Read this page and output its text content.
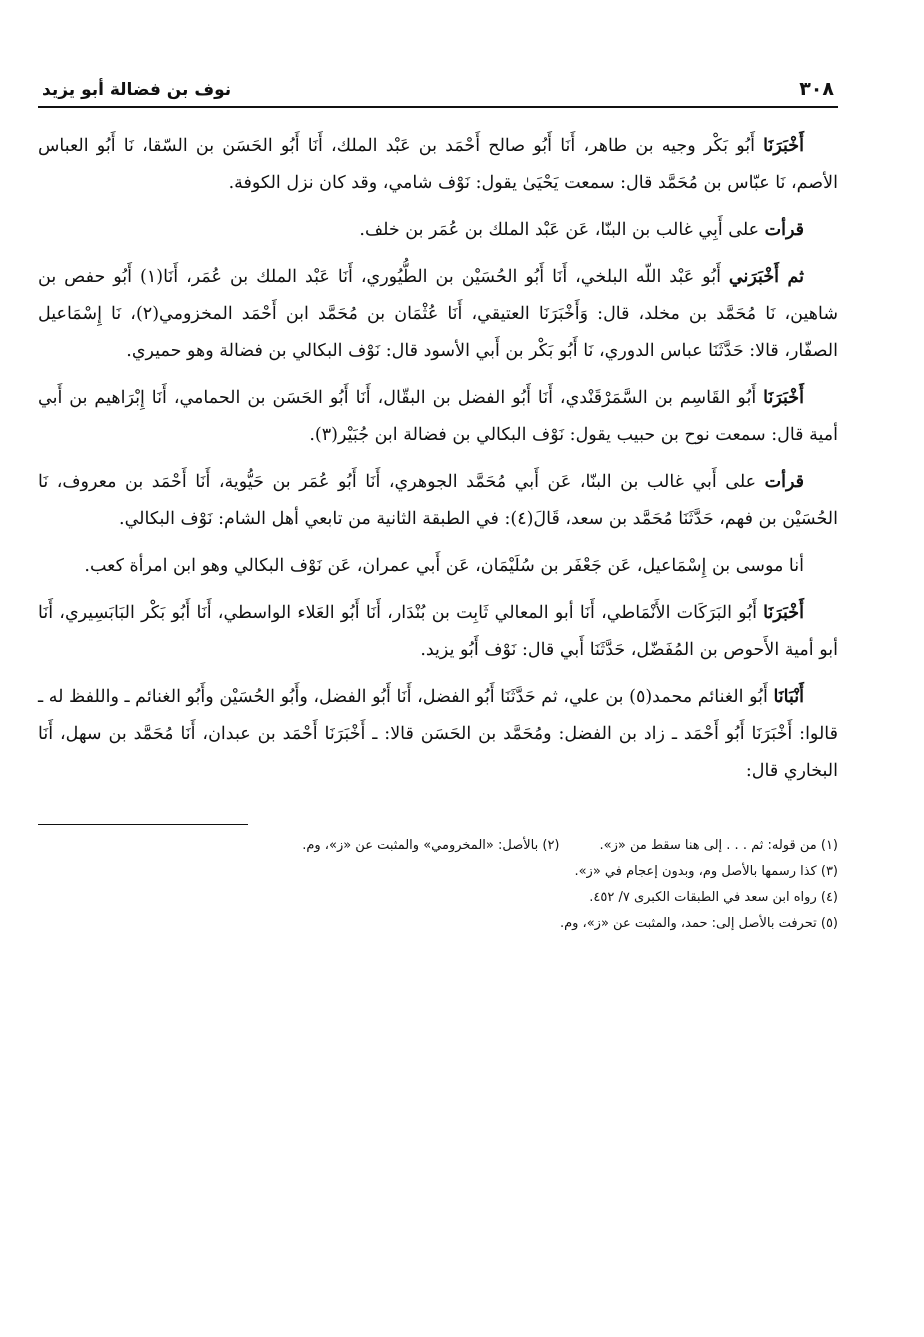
٣٠٨
نوف بن فضالة أبو يزيد

أَخْبَرَنَا أَبُو بَكْر وجيه بن طاهر، أَنَا أَبُو صالح أَحْمَد بن عَبْد الملك، أَنَا أَبُو الحَسَن بن السّقا، نَا أَبُو العباس الأصم، نَا عبّاس بن مُحَمَّد قال: سمعت يَحْيَىٰ يقول: نَوْف شامي، وقد كان نزل الكوفة.

قرأت على أَبِي غالب بن البنّا، عَن عَبْد الملك بن عُمَر بن خلف.

ثم أَخْبَرَني أَبُو عَبْد اللّه البلخي، أَنَا أَبُو الحُسَيْن بن الطُّيُوري، أَنَا عَبْد الملك بن عُمَر، أَنَا(١) أَبُو حفص بن شاهين، نَا مُحَمَّد بن مخلد، قال: وَأَخْبَرَنَا العتيقي، أَنَا عُثْمَان بن مُحَمَّد ابن أَحْمَد المخزومي(٢)، نَا إِسْمَاعيل الصفّار، قالا: حَدَّثَنَا عباس الدوري، نَا أَبُو بَكْر بن أَبي الأسود قال: نَوْف البكالي بن فضالة وهو حميري.

أَخْبَرَنَا أَبُو القَاسِم بن السَّمَرْقَنْدي، أَنَا أَبُو الفضل بن البقّال، أَنَا أَبُو الحَسَن بن الحمامي، أَنَا إِبْرَاهيم بن أَبي أمية قال: سمعت نوح بن حبيب يقول: نَوْف البكالي بن فضالة ابن جُبَيْر(٣).

قرأت على أَبي غالب بن البنّا، عَن أَبي مُحَمَّد الجوهري، أَنَا أَبُو عُمَر بن حَيُّوية، أَنَا أَحْمَد بن معروف، نَا الحُسَيْن بن فهم، حَدَّثَنَا مُحَمَّد بن سعد، قَالَ(٤): في الطبقة الثانية من تابعي أهل الشام: نَوْف البكالي.

أنا موسى بن إِسْمَاعيل، عَن جَعْفَر بن سُلَيْمَان، عَن أَبي عمران، عَن نَوْف البكالي وهو ابن امرأة كعب.

أَخْبَرَنَا أَبُو البَرَكَات الأَنْمَاطي، أَنَا أبو المعالي ثَابِت بن بُنْدَار، أَنَا أَبُو العَلاء الواسطي، أَنَا أَبُو بَكْر البَابَسِيري، أَنَا أبو أمية الأَحوص بن المُفَضّل، حَدَّثَنَا أَبي قال: نَوْف أَبُو يزيد.

أَنْبَانَا أَبُو الغنائم محمد(٥) بن علي، ثم حَدَّثَنَا أَبُو الفضل، أَنَا أَبُو الفضل، وأَبُو الحُسَيْن وأَبُو الغنائم ـ واللفظ له ـ قالوا: أَخْبَرَنَا أَبُو أَحْمَد ـ زاد بن الفضل: ومُحَمَّد بن الحَسَن قالا: ـ أَخْبَرَنَا أَحْمَد بن عبدان، أَنَا مُحَمَّد بن سهل، أَنَا البخاري قال:

(١) من قوله: ثم . . . إلى هنا سقط من «ز».

(٢) بالأصل: «المخرومي» والمثبت عن «ز»، وم.

(٣) كذا رسمها بالأصل وم، وبدون إعجام في «ز».

(٤) رواه ابن سعد في الطبقات الكبرى ٧/ ٤٥٢.

(٥) تحرفت بالأصل إلى: حمد، والمثبت عن «ز»، وم.
